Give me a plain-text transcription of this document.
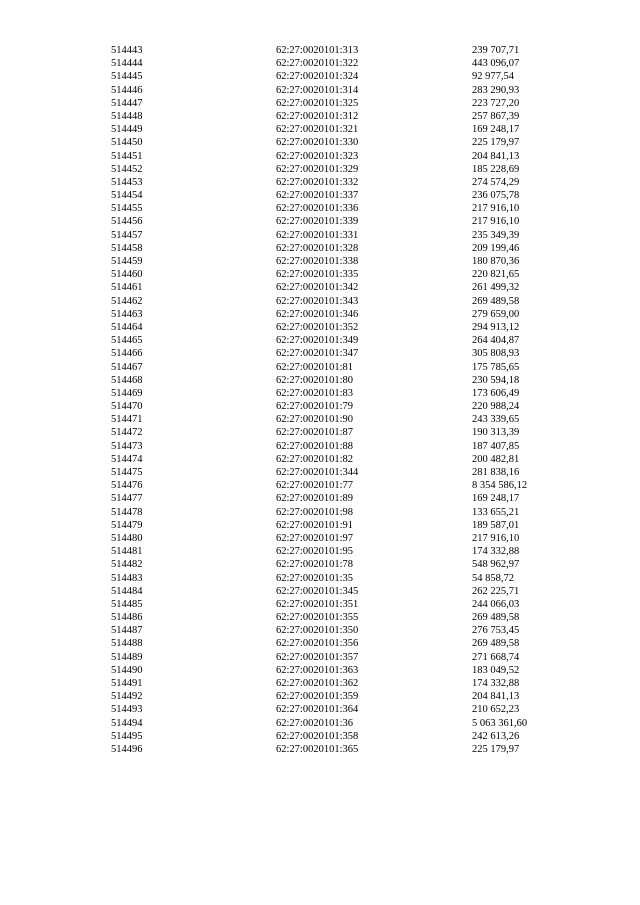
514443	62:27:0020101:313	239 707,71
514444	62:27:0020101:322	443 096,07
514445	62:27:0020101:324	92 977,54
514446	62:27:0020101:314	283 290,93
514447	62:27:0020101:325	223 727,20
514448	62:27:0020101:312	257 867,39
514449	62:27:0020101:321	169 248,17
514450	62:27:0020101:330	225 179,97
514451	62:27:0020101:323	204 841,13
514452	62:27:0020101:329	185 228,69
514453	62:27:0020101:332	274 574,29
514454	62:27:0020101:337	236 075,78
514455	62:27:0020101:336	217 916,10
514456	62:27:0020101:339	217 916,10
514457	62:27:0020101:331	235 349,39
514458	62:27:0020101:328	209 199,46
514459	62:27:0020101:338	180 870,36
514460	62:27:0020101:335	220 821,65
514461	62:27:0020101:342	261 499,32
514462	62:27:0020101:343	269 489,58
514463	62:27:0020101:346	279 659,00
514464	62:27:0020101:352	294 913,12
514465	62:27:0020101:349	264 404,87
514466	62:27:0020101:347	305 808,93
514467	62:27:0020101:81	175 785,65
514468	62:27:0020101:80	230 594,18
514469	62:27:0020101:83	173 606,49
514470	62:27:0020101:79	220 988,24
514471	62:27:0020101:90	243 339,65
514472	62:27:0020101:87	190 313,39
514473	62:27:0020101:88	187 407,85
514474	62:27:0020101:82	200 482,81
514475	62:27:0020101:344	281 838,16
514476	62:27:0020101:77	8 354 586,12
514477	62:27:0020101:89	169 248,17
514478	62:27:0020101:98	133 655,21
514479	62:27:0020101:91	189 587,01
514480	62:27:0020101:97	217 916,10
514481	62:27:0020101:95	174 332,88
514482	62:27:0020101:78	548 962,97
514483	62:27:0020101:35	54 858,72
514484	62:27:0020101:345	262 225,71
514485	62:27:0020101:351	244 066,03
514486	62:27:0020101:355	269 489,58
514487	62:27:0020101:350	276 753,45
514488	62:27:0020101:356	269 489,58
514489	62:27:0020101:357	271 668,74
514490	62:27:0020101:363	183 049,52
514491	62:27:0020101:362	174 332,88
514492	62:27:0020101:359	204 841,13
514493	62:27:0020101:364	210 652,23
514494	62:27:0020101:36	5 063 361,60
514495	62:27:0020101:358	242 613,26
514496	62:27:0020101:365	225 179,97
